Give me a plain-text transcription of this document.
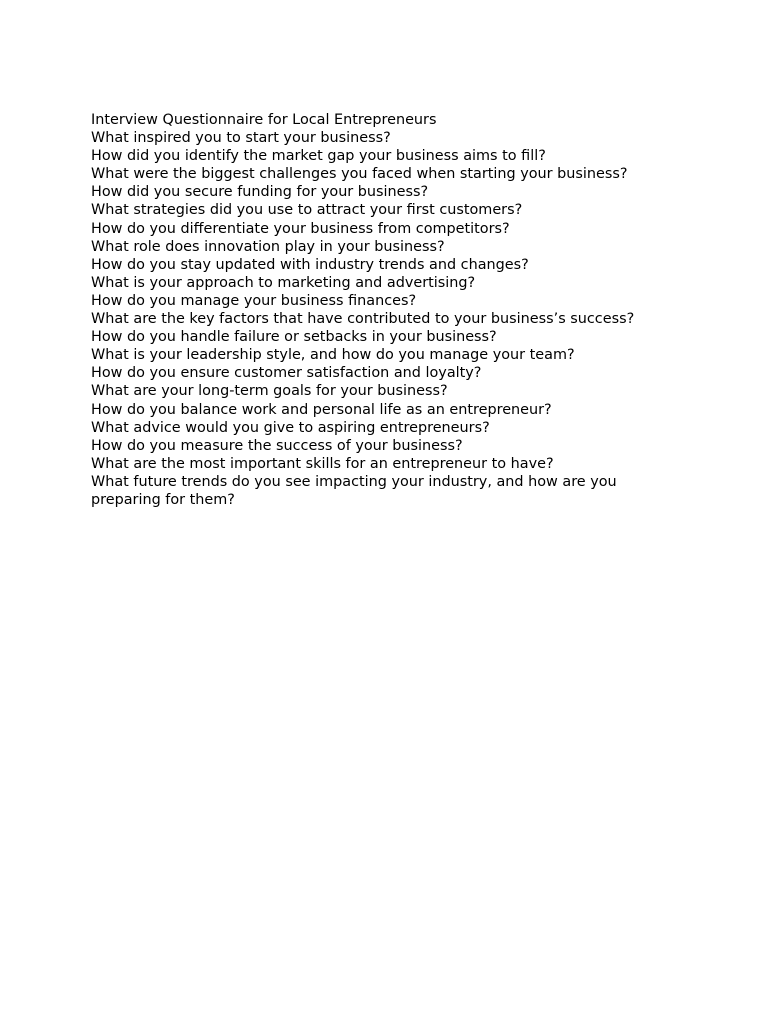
Interview Questionnaire for Local Entrepreneurs

What inspired you to start your business?

How did you identify the market gap your business aims to fill?

What were the biggest challenges you faced when starting your business?

How did you secure funding for your business?

What strategies did you use to attract your first customers?

How do you differentiate your business from competitors?

What role does innovation play in your business?

How do you stay updated with industry trends and changes?

What is your approach to marketing and advertising?

How do you manage your business finances?

What are the key factors that have contributed to your business’s success?

How do you handle failure or setbacks in your business?

What is your leadership style, and how do you manage your team?

How do you ensure customer satisfaction and loyalty?

What are your long-term goals for your business?

How do you balance work and personal life as an entrepreneur?

What advice would you give to aspiring entrepreneurs?

How do you measure the success of your business?

What are the most important skills for an entrepreneur to have?

What future trends do you see impacting your industry, and how are you preparing for them?
